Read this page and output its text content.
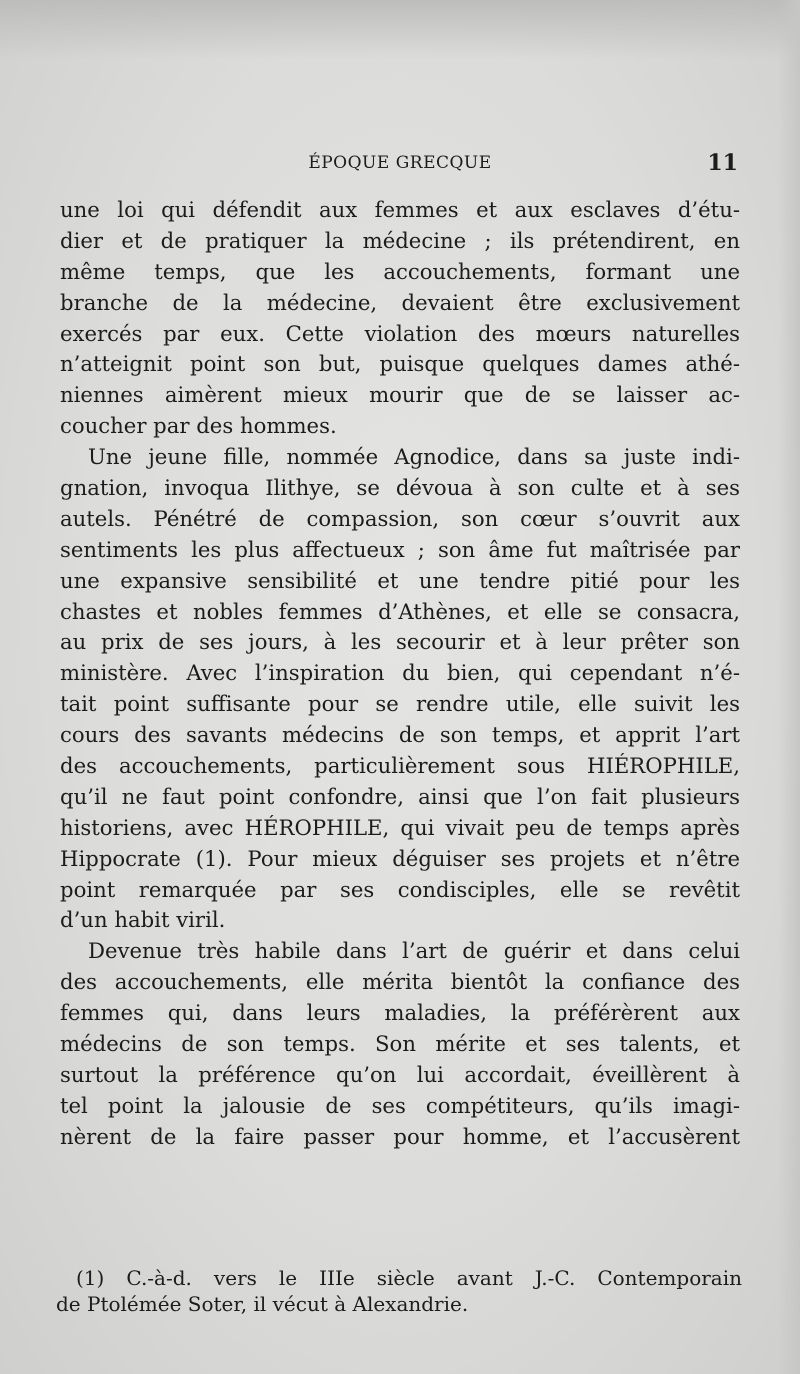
ÉPOQUE GRECQUE	11
une loi qui défendit aux femmes et aux esclaves d’étu-
dier et de pratiquer la médecine ; ils prétendirent, en
même temps, que les accouchements, formant une
branche de la médecine, devaient être exclusivement
exercés par eux. Cette violation des mœurs naturelles
n’atteignit point son but, puisque quelques dames athé-
niennes aimèrent mieux mourir que de se laisser ac-
coucher par des hommes.
Une jeune fille, nommée Agnodice, dans sa juste indi-
gnation, invoqua Ilithye, se dévoua à son culte et à ses
autels. Pénétré de compassion, son cœur s’ouvrit aux
sentiments les plus affectueux ; son âme fut maîtrisée par
une expansive sensibilité et une tendre pitié pour les
chastes et nobles femmes d’Athènes, et elle se consacra,
au prix de ses jours, à les secourir et à leur prêter son
ministère. Avec l’inspiration du bien, qui cependant n’é-
tait point suffisante pour se rendre utile, elle suivit les
cours des savants médecins de son temps, et apprit l’art
des accouchements, particulièrement sous HIÉROPHILE,
qu’il ne faut point confondre, ainsi que l’on fait plusieurs
historiens, avec HÉROPHILE, qui vivait peu de temps après
Hippocrate (1). Pour mieux déguiser ses projets et n’être
point remarquée par ses condisciples, elle se revêtit
d’un habit viril.
Devenue très habile dans l’art de guérir et dans celui
des accouchements, elle mérita bientôt la confiance des
femmes qui, dans leurs maladies, la préférèrent aux
médecins de son temps. Son mérite et ses talents, et
surtout la préférence qu’on lui accordait, éveillèrent à
tel point la jalousie de ses compétiteurs, qu’ils imagi-
nèrent de la faire passer pour homme, et l’accusèrent
(1) C.-à-d. vers le IIIe siècle avant J.-C. Contemporain
de Ptolémée Soter, il vécut à Alexandrie.
